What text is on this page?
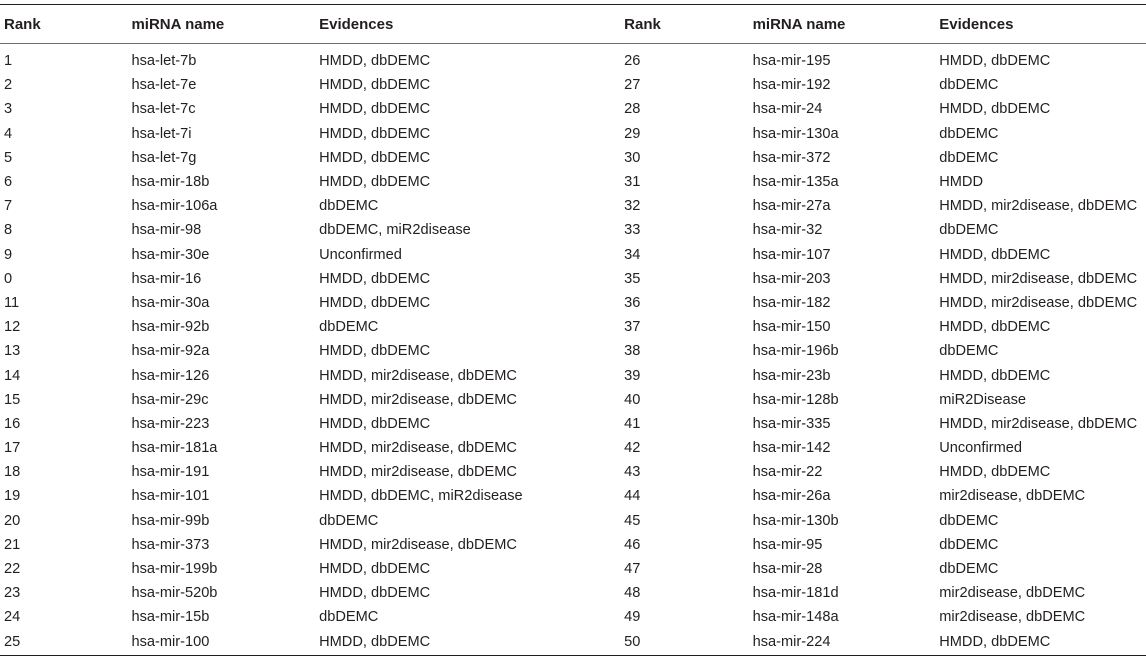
Rank	miRNA name	Evidences	Rank	miRNA name	Evidences
1	hsa-let-7b	HMDD, dbDEMC	26	hsa-mir-195	HMDD, dbDEMC
2	hsa-let-7e	HMDD, dbDEMC	27	hsa-mir-192	dbDEMC
3	hsa-let-7c	HMDD, dbDEMC	28	hsa-mir-24	HMDD, dbDEMC
4	hsa-let-7i	HMDD, dbDEMC	29	hsa-mir-130a	dbDEMC
5	hsa-let-7g	HMDD, dbDEMC	30	hsa-mir-372	dbDEMC
6	hsa-mir-18b	HMDD, dbDEMC	31	hsa-mir-135a	HMDD
7	hsa-mir-106a	dbDEMC	32	hsa-mir-27a	HMDD, mir2disease, dbDEMC
8	hsa-mir-98	dbDEMC, miR2disease	33	hsa-mir-32	dbDEMC
9	hsa-mir-30e	Unconfirmed	34	hsa-mir-107	HMDD, dbDEMC
0	hsa-mir-16	HMDD, dbDEMC	35	hsa-mir-203	HMDD, mir2disease, dbDEMC
11	hsa-mir-30a	HMDD, dbDEMC	36	hsa-mir-182	HMDD, mir2disease, dbDEMC
12	hsa-mir-92b	dbDEMC	37	hsa-mir-150	HMDD, dbDEMC
13	hsa-mir-92a	HMDD, dbDEMC	38	hsa-mir-196b	dbDEMC
14	hsa-mir-126	HMDD, mir2disease, dbDEMC	39	hsa-mir-23b	HMDD, dbDEMC
15	hsa-mir-29c	HMDD, mir2disease, dbDEMC	40	hsa-mir-128b	miR2Disease
16	hsa-mir-223	HMDD, dbDEMC	41	hsa-mir-335	HMDD, mir2disease, dbDEMC
17	hsa-mir-181a	HMDD, mir2disease, dbDEMC	42	hsa-mir-142	Unconfirmed
18	hsa-mir-191	HMDD, mir2disease, dbDEMC	43	hsa-mir-22	HMDD, dbDEMC
19	hsa-mir-101	HMDD, dbDEMC, miR2disease	44	hsa-mir-26a	mir2disease, dbDEMC
20	hsa-mir-99b	dbDEMC	45	hsa-mir-130b	dbDEMC
21	hsa-mir-373	HMDD, mir2disease, dbDEMC	46	hsa-mir-95	dbDEMC
22	hsa-mir-199b	HMDD, dbDEMC	47	hsa-mir-28	dbDEMC
23	hsa-mir-520b	HMDD, dbDEMC	48	hsa-mir-181d	mir2disease, dbDEMC
24	hsa-mir-15b	dbDEMC	49	hsa-mir-148a	mir2disease, dbDEMC
25	hsa-mir-100	HMDD, dbDEMC	50	hsa-mir-224	HMDD, dbDEMC
